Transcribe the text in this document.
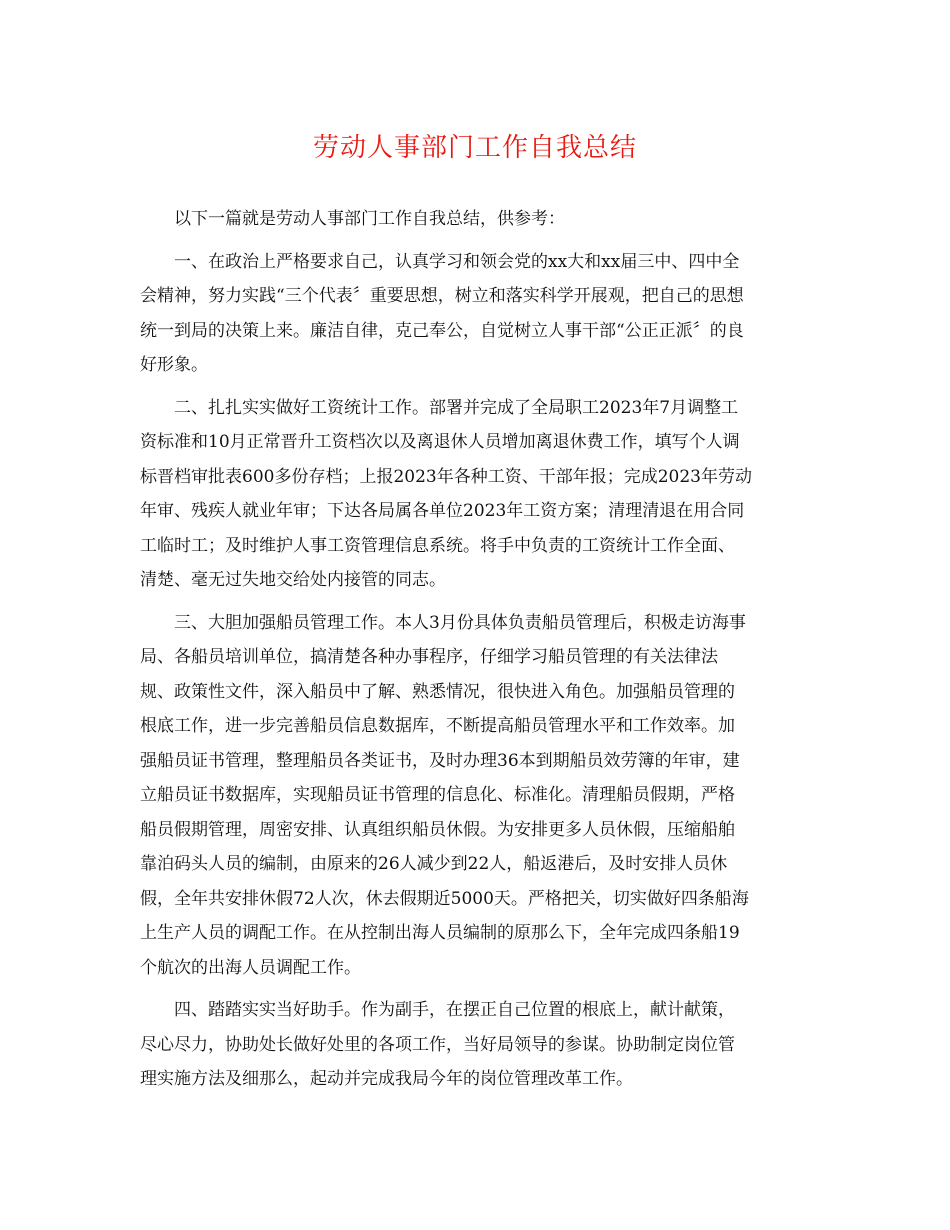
劳动人事部门工作自我总结

以下一篇就是劳动人事部门工作自我总结，供参考：

一、在政治上严格要求自己，认真学习和领会党的xx大和xx届三中、四中全
会精神，努力实践“三个代表〞重要思想，树立和落实科学开展观，把自己的思想
统一到局的决策上来。廉洁自律，克己奉公，自觉树立人事干部“公正正派〞的良
好形象。

二、扎扎实实做好工资统计工作。部署并完成了全局职工2023年7月调整工
资标准和10月正常晋升工资档次以及离退休人员增加离退休费工作，填写个人调
标晋档审批表600多份存档；上报2023年各种工资、干部年报；完成2023年劳动
年审、残疾人就业年审；下达各局属各单位2023年工资方案；清理清退在用合同
工临时工；及时维护人事工资管理信息系统。将手中负责的工资统计工作全面、
清楚、毫无过失地交给处内接管的同志。

三、大胆加强船员管理工作。本人3月份具体负责船员管理后，积极走访海事
局、各船员培训单位，搞清楚各种办事程序，仔细学习船员管理的有关法律法
规、政策性文件，深入船员中了解、熟悉情况，很快进入角色。加强船员管理的
根底工作，进一步完善船员信息数据库，不断提高船员管理水平和工作效率。加
强船员证书管理，整理船员各类证书，及时办理36本到期船员效劳簿的年审，建
立船员证书数据库，实现船员证书管理的信息化、标准化。清理船员假期，严格
船员假期管理，周密安排、认真组织船员休假。为安排更多人员休假，压缩船舶
靠泊码头人员的编制，由原来的26人减少到22人，船返港后，及时安排人员休
假，全年共安排休假72人次，休去假期近5000天。严格把关，切实做好四条船海
上生产人员的调配工作。在从控制出海人员编制的原那么下，全年完成四条船19
个航次的出海人员调配工作。

四、踏踏实实当好助手。作为副手，在摆正自己位置的根底上，献计献策，
尽心尽力，协助处长做好处里的各项工作，当好局领导的参谋。协助制定岗位管
理实施方法及细那么，起动并完成我局今年的岗位管理改革工作。
